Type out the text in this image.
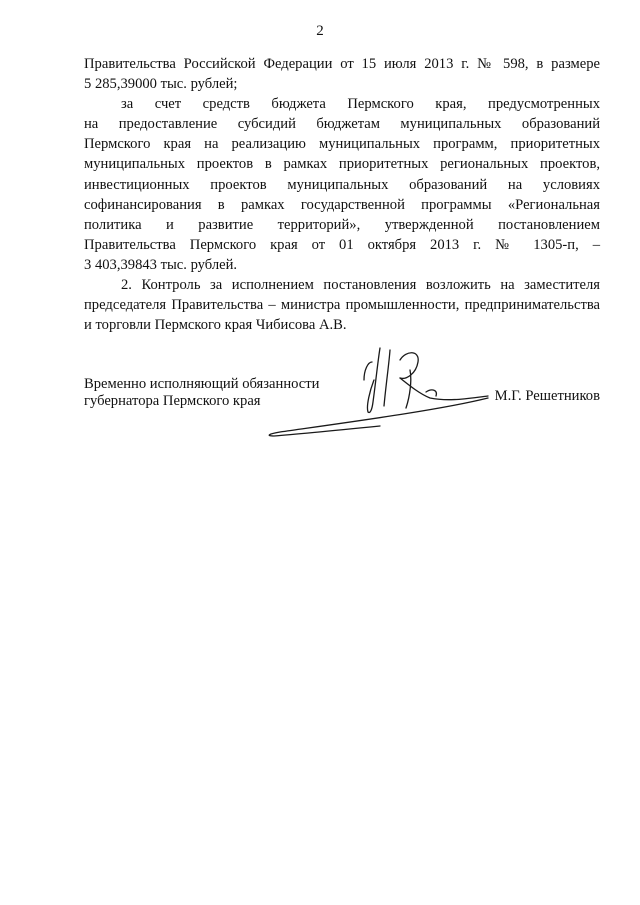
2
Правительства Российской Федерации от 15 июля 2013 г. № 598, в размере
5 285,39000 тыс. рублей;
за счет средств бюджета Пермского края, предусмотренных
на предоставление субсидий бюджетам муниципальных образований
Пермского края на реализацию муниципальных программ, приоритетных
муниципальных проектов в рамках приоритетных региональных проектов,
инвестиционных проектов муниципальных образований на условиях
софинансирования в рамках государственной программы «Региональная
политика и развитие территорий», утвержденной постановлением
Правительства Пермского края от 01 октября 2013 г. № 1305-п, –
3 403,39843 тыс. рублей.
2. Контроль за исполнением постановления возложить на заместителя
председателя Правительства – министра промышленности, предпринимательства
и торговли Пермского края Чибисова А.В.
Временно исполняющий обязанности
губернатора Пермского края	М.Г. Решетников
